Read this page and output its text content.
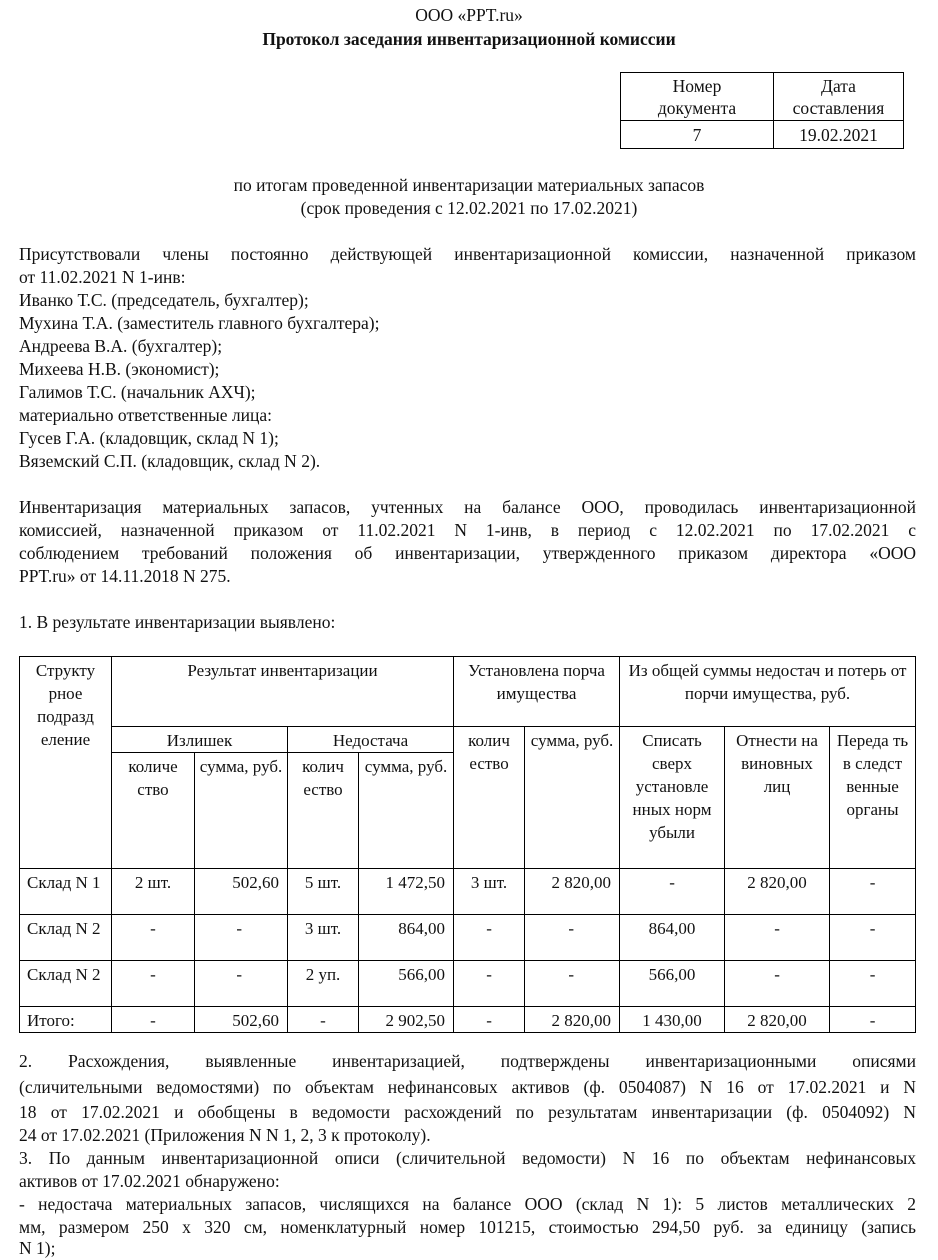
ООО «PPT.ru»
Протокол заседания инвентаризационной комиссии
Номер
документа	Дата
составления
7	19.02.2021
по итогам проведенной инвентаризации материальных запасов
(срок проведения с 12.02.2021 по 17.02.2021)
Присутствовали члены постоянно действующей инвентаризационной комиссии, назначенной приказом
от 11.02.2021 N 1-инв:
Иванко Т.С. (председатель, бухгалтер);
Мухина Т.А. (заместитель главного бухгалтера);
Андреева В.А. (бухгалтер);
Михеева Н.В. (экономист);
Галимов Т.С. (начальник АХЧ);
материально ответственные лица:
Гусев Г.А. (кладовщик, склад N 1);
Вяземский С.П. (кладовщик, склад N 2).
Инвентаризация материальных запасов, учтенных на балансе ООО, проводилась инвентаризационной
комиссией, назначенной приказом от 11.02.2021 N 1-инв, в период с 12.02.2021 по 17.02.2021 с
соблюдением требований положения об инвентаризации, утвержденного приказом директора «ООО
PPT.ru» от 14.11.2018 N 275.
1. В результате инвентаризации выявлено:
Структу рное подразд еление	Результат инвентаризации				Установлена порча имущества		Из общей суммы недостач и потерь от порчи имущества, руб.		
	Излишек		Недостача		колич ество	сумма, руб.	Списать сверх установле нных норм убыли	Отнести на виновных лиц	Переда ть в следст венные органы
	количе ство	сумма, руб.	колич ество	сумма, руб.					
Склад N 1	2 шт.	502,60	5 шт.	1 472,50	3 шт.	2 820,00	-	2 820,00	-
Склад N 2	-	-	3 шт.	864,00	-	-	864,00	-	-
Склад N 2	-	-	2 уп.	566,00	-	-	566,00	-	-
Итого:	-	502,60	-	2 902,50	-	2 820,00	1 430,00	2 820,00	-
2. Расхождения, выявленные инвентаризацией, подтверждены инвентаризационными описями
(сличительными ведомостями) по объектам нефинансовых активов (ф. 0504087) N 16 от 17.02.2021 и N
18 от 17.02.2021 и обобщены в ведомости расхождений по результатам инвентаризации (ф. 0504092) N
24 от 17.02.2021 (Приложения N N 1, 2, 3 к протоколу).
3. По данным инвентаризационной описи (сличительной ведомости) N 16 по объектам нефинансовых
активов от 17.02.2021 обнаружено:
- недостача материальных запасов, числящихся на балансе ООО (склад N 1): 5 листов металлических 2
мм, размером 250 х 320 см, номенклатурный номер 101215, стоимостью 294,50 руб. за единицу (запись
N 1);
